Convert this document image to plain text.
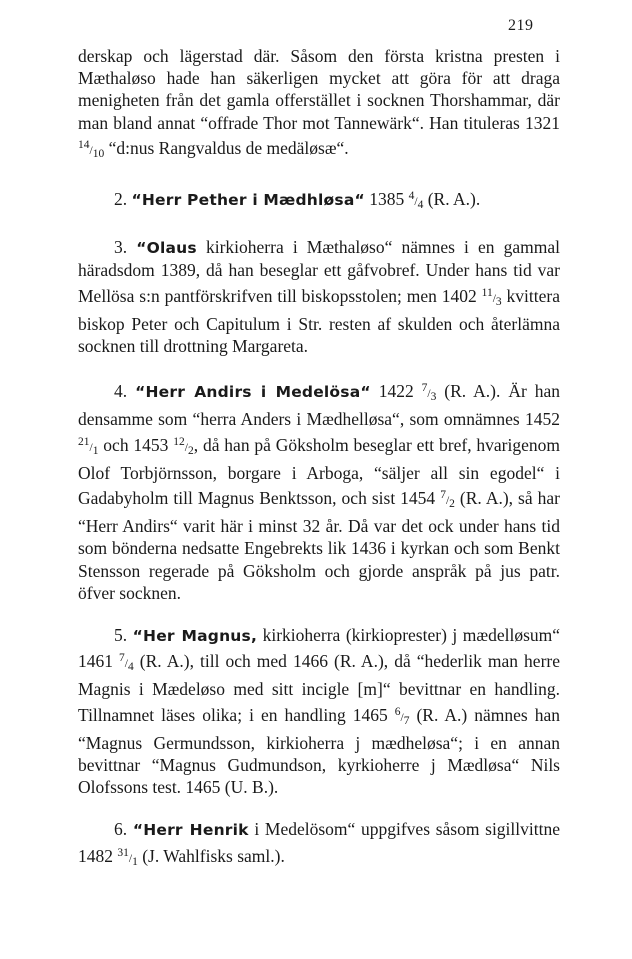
219

derskap och lägerstad där. Såsom den första kristna presten i Mæthaløso hade han säkerligen mycket att göra för att draga menigheten från det gamla offerstället i socknen Thorshammar, där man bland annat “offrade Thor mot Tannewärk“. Han tituleras 1321 14/10 “d:nus Rangvaldus de medäløsæ“.

2. “Herr Pether i Mædhløsa“ 1385 4/4 (R. A.).

3. “Olaus kirkioherra i Mæthaløso“ nämnes i en gammal häradsdom 1389, då han beseglar ett gåfvobref. Under hans tid var Mellösa s:n pantförskrifven till biskopsstolen; men 1402 11/3 kvittera biskop Peter och Capitulum i Str. resten af skulden och återlämna socknen till drottning Margareta.

4. “Herr Andirs i Medelösa“ 1422 7/3 (R. A.). Är han densamme som “herra Anders i Mædhelløsa“, som omnämnes 1452 21/1 och 1453 12/2, då han på Göksholm beseglar ett bref, hvarigenom Olof Torbjörnsson, borgare i Arboga, “säljer all sin egodel“ i Gadabyholm till Magnus Benktsson, och sist 1454 7/2 (R. A.), så har “Herr Andirs“ varit här i minst 32 år. Då var det ock under hans tid som bönderna nedsatte Engebrekts lik 1436 i kyrkan och som Benkt Stensson regerade på Göksholm och gjorde anspråk på jus patr. öfver socknen.

5. “Her Magnus, kirkioherra (kirkioprester) j mædelløsum“ 1461 7/4 (R. A.), till och med 1466 (R. A.), då “hederlik man herre Magnis i Mædeløso med sitt incigle [m]“ bevittnar en handling. Tillnamnet läses olika; i en handling 1465 6/7 (R. A.) nämnes han “Magnus Germundsson, kirkioherra j mædheløsa“; i en annan bevittnar “Magnus Gudmundson, kyrkioherre j Mædløsa“ Nils Olofssons test. 1465 (U. B.).

6. “Herr Henrik i Medelösom“ uppgifves såsom sigillvittne 1482 31/1 (J. Wahlfisks saml.).
